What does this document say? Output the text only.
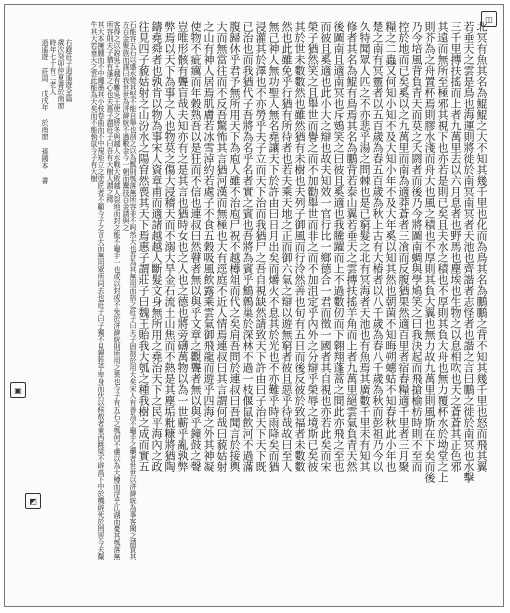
北冥有魚其名為鯤鯤之大不知其幾千里也化而為鳥其名為鵬鵬之背不知其幾千里也怒而飛其翼
若垂天之雲是鳥也海運則將徙於南冥南冥者天池也齊諧者志怪者也諧之言曰鵬之徙於南冥也水擊
三千里摶扶搖而上者九萬里去以六月息者也野馬也塵埃也生物之以息相吹也天之蒼蒼其正色邪
其遠而無所至極邪其視下也亦若是則已矣且夫水之積也不厚則其負大舟也無力覆杯水於坳堂之上
則芥為之舟置杯焉則膠水淺而舟大也風之積也不厚則其負大翼也無力故九萬里則風斯在下矣而後
乃今培風背負青天而莫之夭閼者而後乃今將圖南蜩與學鳩笑之曰我決起而飛搶榆枋時則不至而
控於地而已矣奚以之九萬里而南為適莽蒼者三飡而反腹猶果然適百里者宿舂糧適千里者三月聚
糧之二蟲又何知小知不及大知小年不及大年奚以知其然也朝菌不知晦朔蟪蛄不知春秋此小年也
楚之南有冥靈者以五百歲為春五百歲為秋上古有大椿者以八千歲為春八千歲為秋而彭祖乃今以
久特聞眾人匹之不亦悲乎湯之問棘也是已窮髮之北有冥海者天池也有魚焉其廣數千里未有知其
修者其名為鯤有鳥焉其名為鵬背若泰山翼若垂天之雲摶扶搖羊角而上者九萬里絕雲氣負青天然
後圖南且適南冥也斥鴳笑之曰彼且奚適也我騰躍而上不過數仞而下翱翔蓬蒿之間此亦飛之至也
而彼且奚適也此小大之辯也故夫知效一官行比一鄉德合一君而徵一國者其自視也亦若此矣而宋
榮子猶然笑之且舉世而譽之而不加勸舉世而非之而不加沮定乎內外之分辯乎榮辱之境斯已矣彼
其於世未數數然也雖然猶有未樹也夫列子御風而行泠然善也旬有五日而後反彼於致福者未數數
然也此雖免乎行猶有所待者也若夫乘天地之正而御六氣之辯以遊無窮者彼且惡乎待哉故曰至人
無己神人無功聖人無名堯讓天下於許由曰日月出矣而爝火不息其於光也不亦難乎時雨降矣而猶
浸灌其於澤也不亦勞乎夫子立而天下治而我猶尸之吾自視缺然請致天下許由曰子治天下天下既
已治也而我猶代子吾將為名乎名者實之賓也吾將為賓乎鷦鷯巢於深林不過一枝偃鼠飲河不過滿
腹歸休乎君予無所用天下為庖人雖不治庖尸祝不越樽俎而代之矣肩吾問於連叔曰吾聞言於接輿
大而無當往而不反吾驚怖其言猶河漢而無極也大有逕庭不近人情焉連叔曰其言謂何哉曰藐姑射
之山有神人居焉肌膚若冰雪淖約若處子不食五穀吸風飲露乘雲氣御飛龍而遊乎四海之外其神凝
使物不疵癘而年穀熟吾以是狂而不信也連叔曰然瞽者無以與乎文章之觀聾者無以與乎鐘鼓之聲
豈唯形骸有聾盲哉夫知亦有之是其言也猶時女也之人也之德也將旁礴萬物以為一世蘄乎亂孰弊
弊焉以天下為事之人也物莫之傷大浸稽天而不溺大旱金石流土山焦而不熱是其塵垢粃糠將猶陶
鑄堯舜者也孰肯以物為事宋人資章甫而適諸越越人斷髮文身無所用之堯治天下之民平海內之政
往見四子藐姑射之山汾水之陽窅然喪其天下焉惠子謂莊子曰魏王貽我大瓠之種我樹之成而實五
石能容五石以盛水漿其堅不能自舉也剖之以為瓢則瓠落無所容非不呺然大也吾為其無用而掊之莊子曰夫子固拙於用大矣宋人有善為不龜手之藥者世世以洴澼絖為事客聞之請買其方百金聚族而謀曰我世世為洴澼絖不過數金今一朝而鬻技百金請與之
客得之以說吳王越有難吳王使之將冬與越人水戰大敗越人裂地而封之能不龜手一也或以封或不免於洴澼絖則所用之異也今子有五石之瓠何不慮以為大樽而浮乎江湖而憂其瓠落無所容則夫子猶有蓬之心也夫惠子謂莊子曰吾有大樹人謂之樗
其大本擁腫而不中繩墨其小枝卷曲而不中規矩立之塗匠者不顧今子之言大而無用眾所同去也莊子曰子獨不見狸狌乎卑身而伏以候敖者東西跳梁不辟高下中於機辟死於罔罟今夫斄牛其大若垂天之雲此能為大矣而不能執鼠今子有大樹
右錄莊子逍遙遊全篇
歲次癸卯仲夏書於南窗
時年七十有二老人
逍遙遊 莊周 戊戌年 於南窗 孫國本 書
◫
▣
◩
